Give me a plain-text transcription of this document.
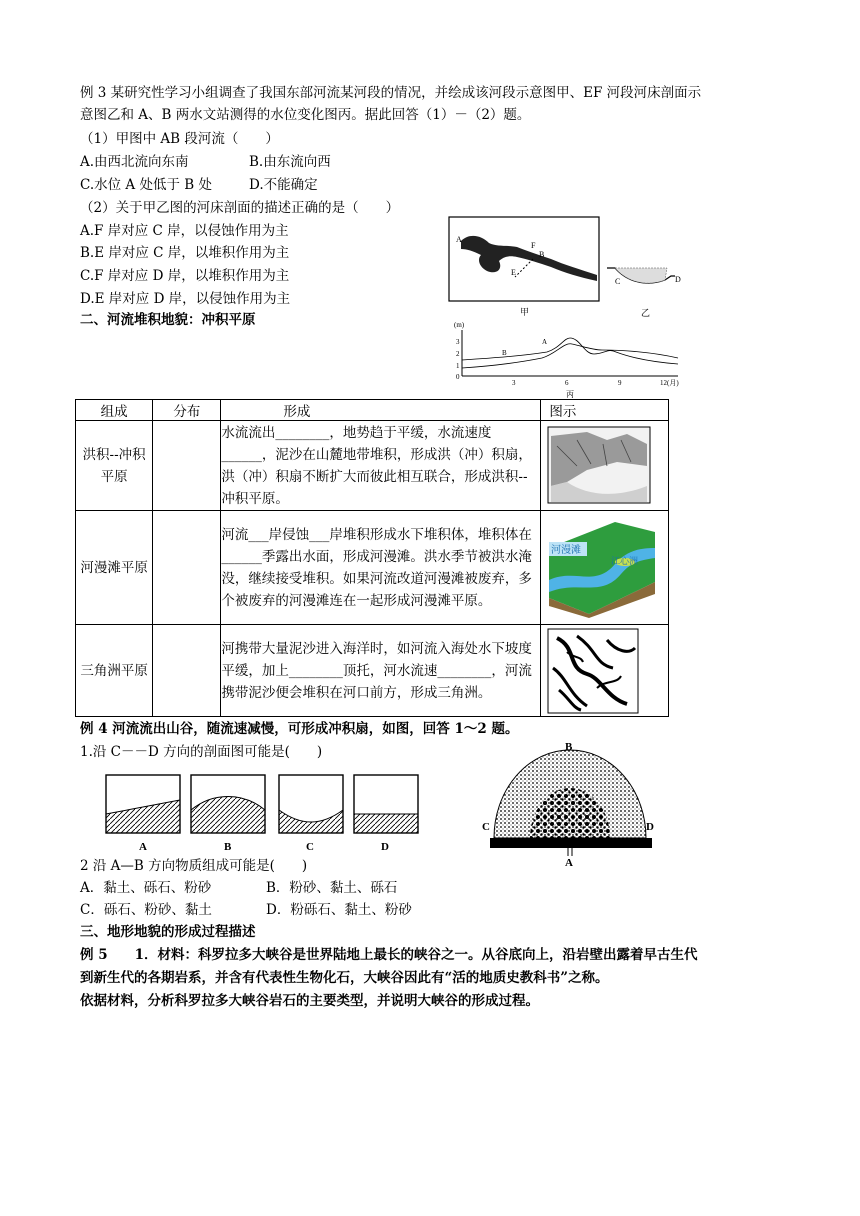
例 3 某研究性学习小组调查了我国东部河流某河段的情况，并绘成该河段示意图甲、EF 河段河床剖面示
意图乙和 A、B 两水文站测得的水位变化图丙。据此回答（1）－（2）题。
（1）甲图中 AB 段河流（　　）
A.由西北流向东南	B.由东流向西
C.水位 A 处低于 B 处	D.不能确定
（2）关于甲乙图的河床剖面的描述正确的是（　　）
A.F 岸对应 C 岸，以侵蚀作用为主
B.E 岸对应 C 岸，以堆积作用为主
C.F 岸对应 D 岸，以堆积作用为主
D.E 岸对应 D 岸，以侵蚀作用为主
A
F
B
E
甲
C	D
乙
(m)
3
2
1
0
3	6	9	12(月)
A
B
丙
二、河流堆积地貌：冲积平原
组成	分布	形成	图示
洪积--冲积平原		水流流出________，地势趋于平缓，水流速度______，泥沙在山麓地带堆积，形成洪（冲）积扇，洪（冲）积扇不断扩大而彼此相互联合，形成洪积--冲积平原。	

河漫滩平原		河流___岸侵蚀___岸堆积形成水下堆积体，堆积体在______季露出水面，形成河漫滩。洪水季节被洪水淹没，继续接受堆积。如果河流改道河漫滩被废弃，多个被废弃的河漫滩连在一起形成河漫滩平原。	河漫滩
江心洲

三角洲平原		河携带大量泥沙进入海洋时，如河流入海处水下坡度平缓，加上________顶托，河水流速________，河流携带泥沙便会堆积在河口前方，形成三角洲。	
例 4 河流流出山谷，随流速减慢，可形成冲积扇，如图，回答 1～2 题。
1.沿 C－－D 方向的剖面图可能是(　　)
A	B	C	D
B
C	D
A
2 沿 A—B 方向物质组成可能是(　　)
A．黏土、砾石、粉砂	B．粉砂、黏土、砾石
C．砾石、粉砂、黏土	D．粉砾石、黏土、粉砂
三、地形地貌的形成过程描述
例 5　　1．材料：科罗拉多大峡谷是世界陆地上最长的峡谷之一。从谷底向上，沿岩壁出露着早古生代
到新生代的各期岩系，并含有代表性生物化石，大峡谷因此有“活的地质史教科书”之称。
依据材料，分析科罗拉多大峡谷岩石的主要类型，并说明大峡谷的形成过程。
